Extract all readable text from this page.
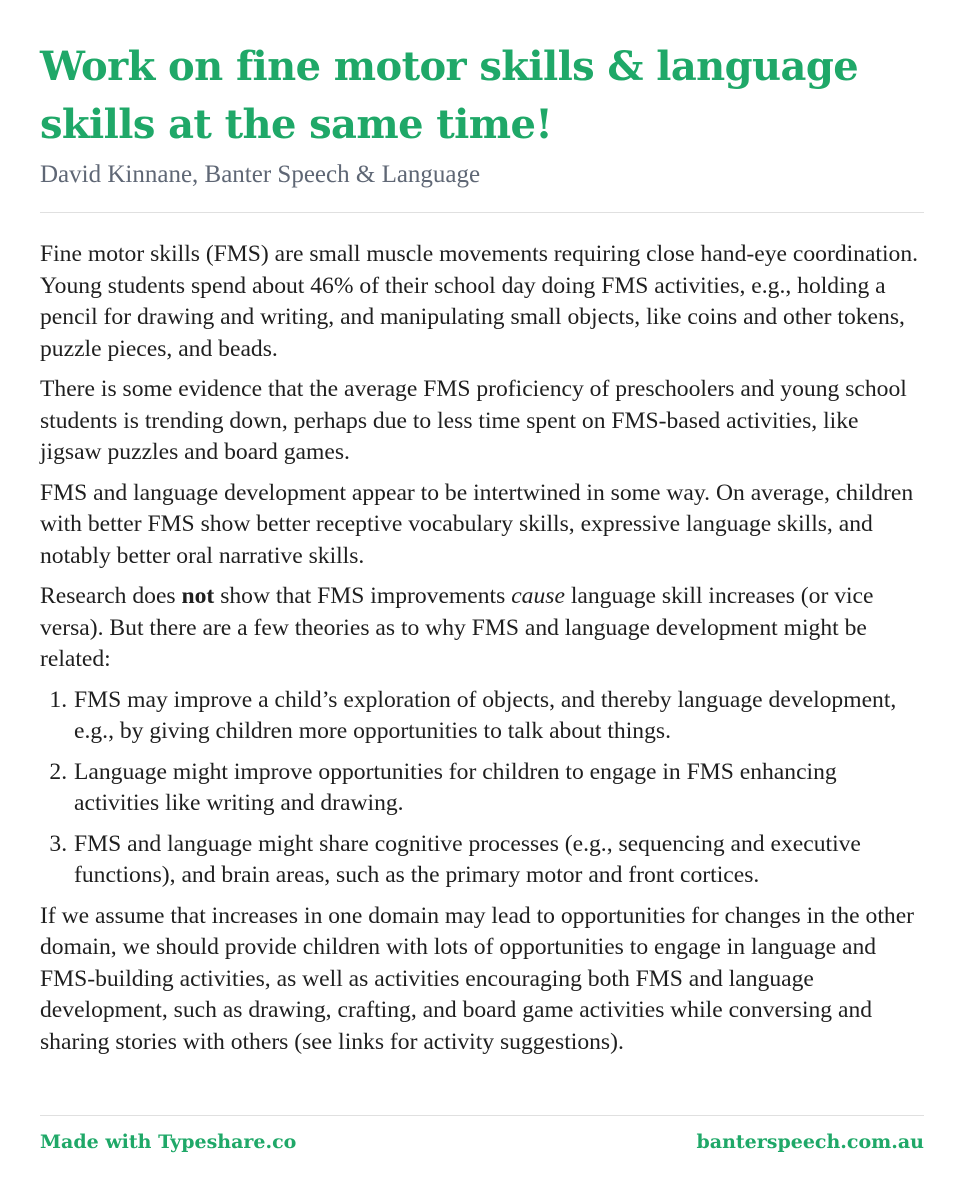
Work on fine motor skills & language skills at the same time!
David Kinnane, Banter Speech & Language

Fine motor skills (FMS) are small muscle movements requiring close hand-eye coordination. Young students spend about 46% of their school day doing FMS activities, e.g., holding a pencil for drawing and writing, and manipulating small objects, like coins and other tokens, puzzle pieces, and beads.

There is some evidence that the average FMS proficiency of preschoolers and young school students is trending down, perhaps due to less time spent on FMS-based activities, like jigsaw puzzles and board games.

FMS and language development appear to be intertwined in some way. On average, children with better FMS show better receptive vocabulary skills, expressive language skills, and notably better oral narrative skills.

Research does not show that FMS improvements cause language skill increases (or vice versa). But there are a few theories as to why FMS and language development might be related:

1. FMS may improve a child’s exploration of objects, and thereby language development, e.g., by giving children more opportunities to talk about things.
2. Language might improve opportunities for children to engage in FMS enhancing activities like writing and drawing.
3. FMS and language might share cognitive processes (e.g., sequencing and executive functions), and brain areas, such as the primary motor and front cortices.

If we assume that increases in one domain may lead to opportunities for changes in the other domain, we should provide children with lots of opportunities to engage in language and FMS-building activities, as well as activities encouraging both FMS and language development, such as drawing, crafting, and board game activities while conversing and sharing stories with others (see links for activity suggestions).

Made with Typeshare.co	banterspeech.com.au
